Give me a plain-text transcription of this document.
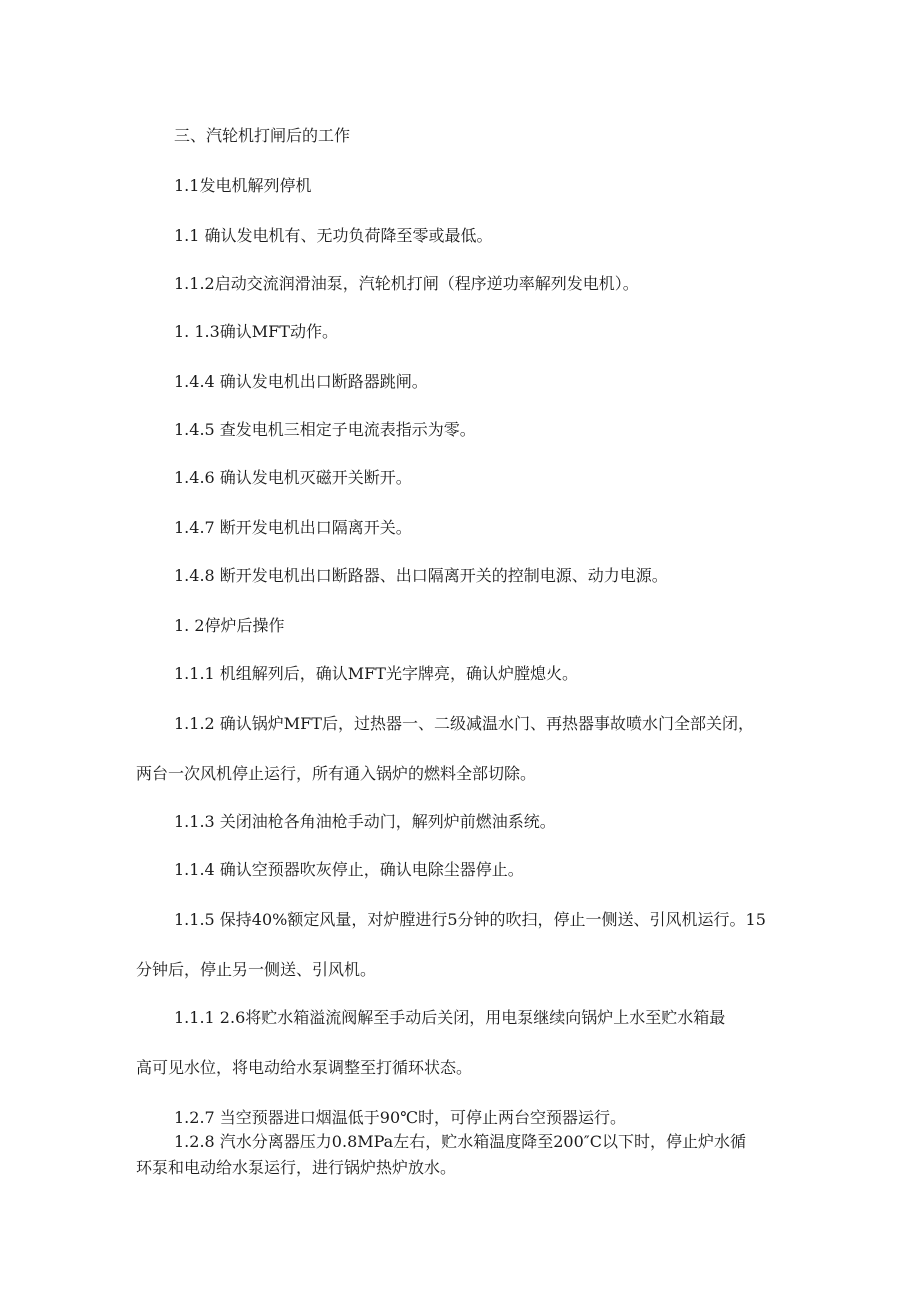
三、汽轮机打闸后的工作

1.1发电机解列停机

1.1 确认发电机有、无功负荷降至零或最低。

1.1.2启动交流润滑油泵，汽轮机打闸（程序逆功率解列发电机）。

1. 1.3确认MFT动作。

1.4.4 确认发电机出口断路器跳闸。

1.4.5 查发电机三相定子电流表指示为零。

1.4.6 确认发电机灭磁开关断开。

1.4.7 断开发电机出口隔离开关。

1.4.8 断开发电机出口断路器、出口隔离开关的控制电源、动力电源。

1. 2停炉后操作

1.1.1 机组解列后，确认MFT光字牌亮，确认炉膛熄火。

1.1.2 确认锅炉MFT后，过热器一、二级减温水门、再热器事故喷水门全部关闭，

两台一次风机停止运行，所有通入锅炉的燃料全部切除。

1.1.3 关闭油枪各角油枪手动门，解列炉前燃油系统。

1.1.4 确认空预器吹灰停止，确认电除尘器停止。

1.1.5 保持40%额定风量，对炉膛进行5分钟的吹扫，停止一侧送、引风机运行。15

分钟后，停止另一侧送、引风机。

1.1.1 2.6将贮水箱溢流阀解至手动后关闭，用电泵继续向锅炉上水至贮水箱最

高可见水位，将电动给水泵调整至打循环状态。

1.2.7 当空预器进口烟温低于90℃时，可停止两台空预器运行。

1.2.8 汽水分离器压力0.8MPa左右，贮水箱温度降至200″C以下时，停止炉水循

环泵和电动给水泵运行，进行锅炉热炉放水。
